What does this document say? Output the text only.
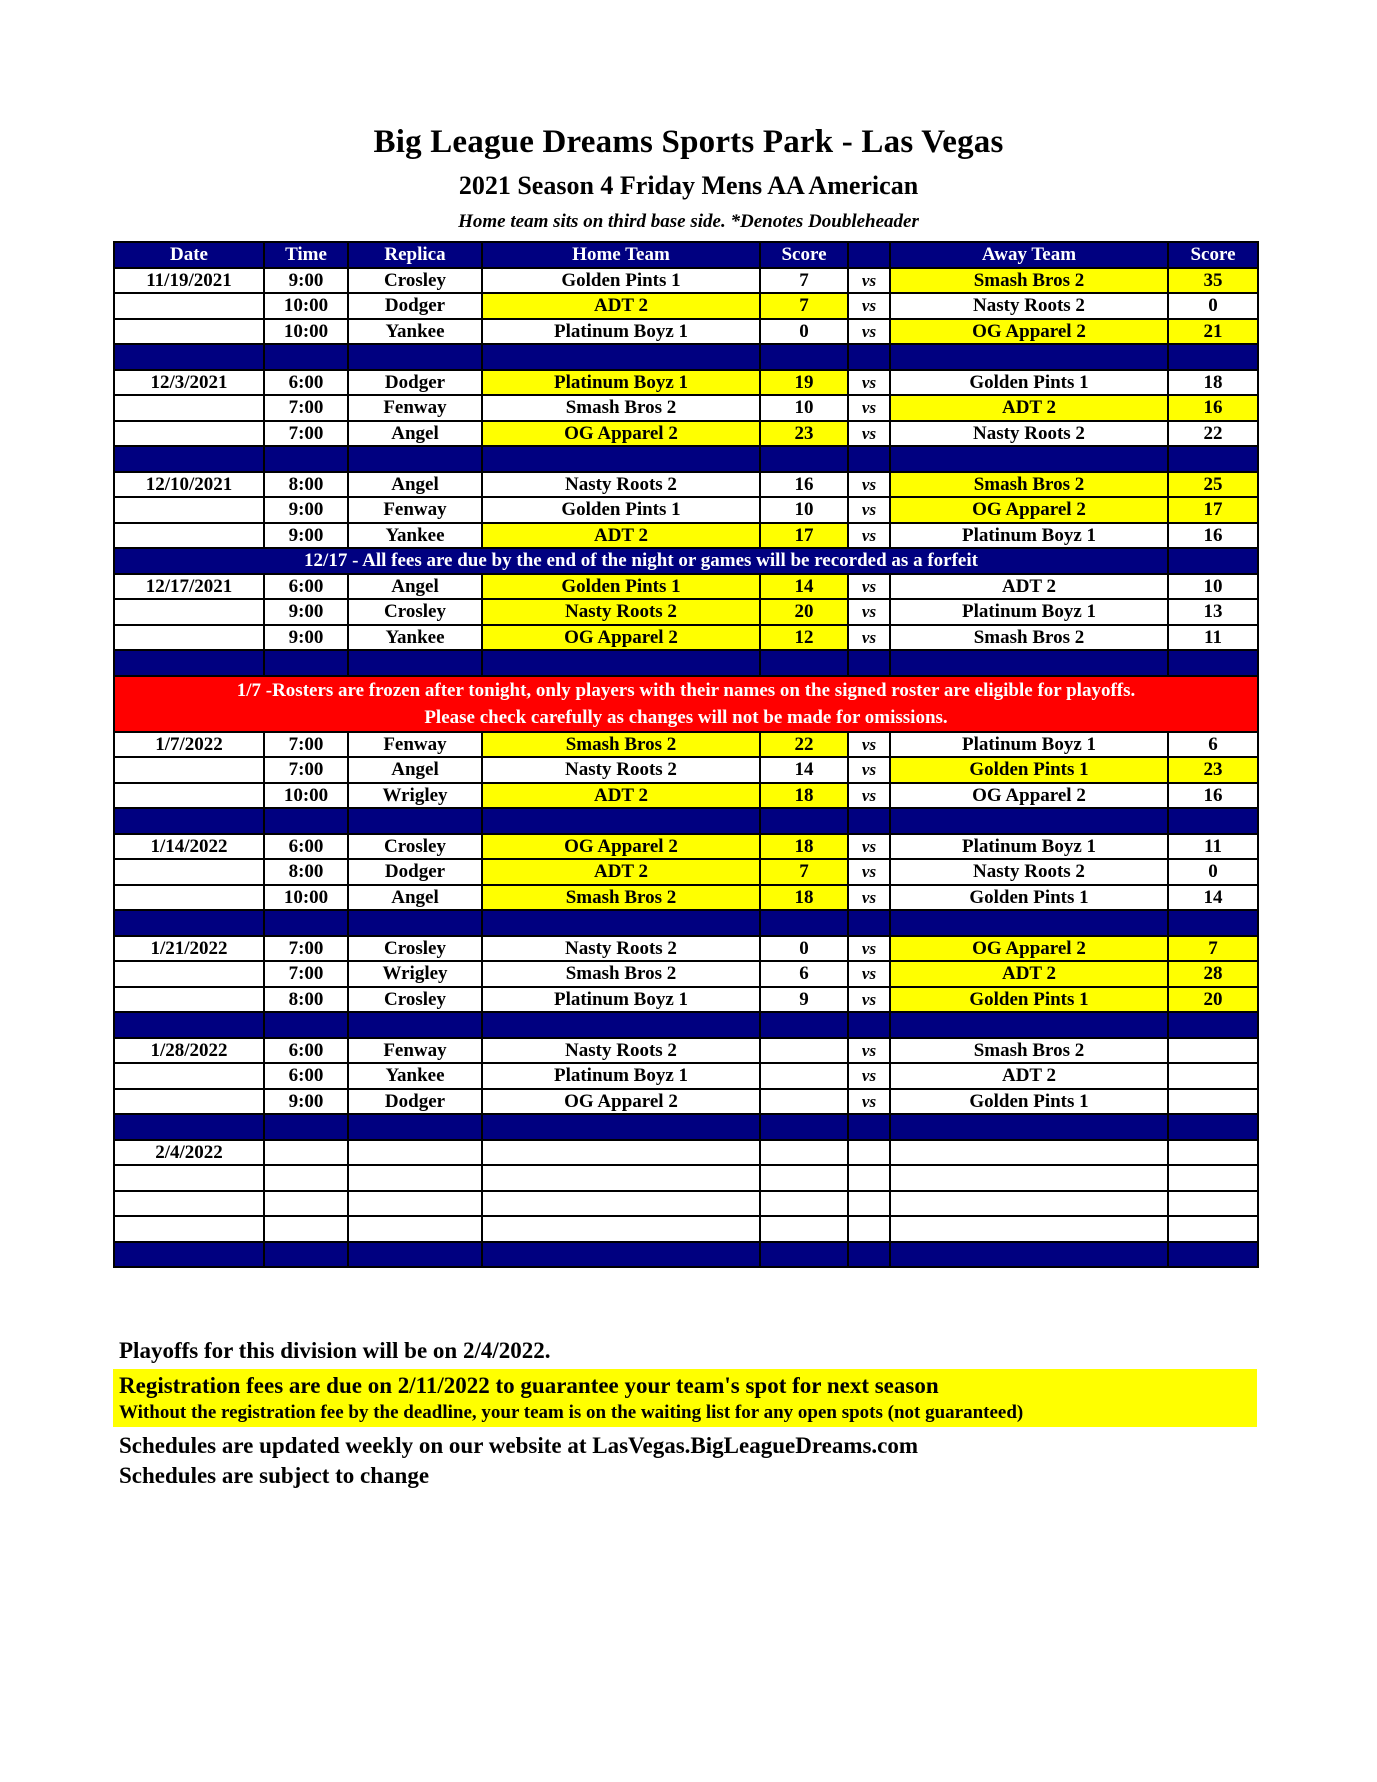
Big League Dreams Sports Park - Las Vegas
2021 Season 4 Friday Mens AA American
Home team sits on third base side. *Denotes Doubleheader
Date	Time	Replica	Home Team	Score		Away Team	Score
11/19/2021	9:00	Crosley	Golden Pints 1	7	vs	Smash Bros 2	35
	10:00	Dodger	ADT 2	7	vs	Nasty Roots 2	0
	10:00	Yankee	Platinum Boyz 1	0	vs	OG Apparel 2	21

12/3/2021	6:00	Dodger	Platinum Boyz 1	19	vs	Golden Pints 1	18
	7:00	Fenway	Smash Bros 2	10	vs	ADT 2	16
	7:00	Angel	OG Apparel 2	23	vs	Nasty Roots 2	22

12/10/2021	8:00	Angel	Nasty Roots 2	16	vs	Smash Bros 2	25
	9:00	Fenway	Golden Pints 1	10	vs	OG Apparel 2	17
	9:00	Yankee	ADT 2	17	vs	Platinum Boyz 1	16
12/17 - All fees are due by the end of the night or games will be recorded as a forfeit							
12/17/2021	6:00	Angel	Golden Pints 1	14	vs	ADT 2	10
	9:00	Crosley	Nasty Roots 2	20	vs	Platinum Boyz 1	13
	9:00	Yankee	OG Apparel 2	12	vs	Smash Bros 2	11

1/7 -Rosters are frozen after tonight, only players with their names on the signed roster are eligible for playoffs.
Please check carefully as changes will not be made for omissions.							

1/7/2022	7:00	Fenway	Smash Bros 2	22	vs	Platinum Boyz 1	6
	7:00	Angel	Nasty Roots 2	14	vs	Golden Pints 1	23
	10:00	Wrigley	ADT 2	18	vs	OG Apparel 2	16

1/14/2022	6:00	Crosley	OG Apparel 2	18	vs	Platinum Boyz 1	11
	8:00	Dodger	ADT 2	7	vs	Nasty Roots 2	0
	10:00	Angel	Smash Bros 2	18	vs	Golden Pints 1	14

1/21/2022	7:00	Crosley	Nasty Roots 2	0	vs	OG Apparel 2	7
	7:00	Wrigley	Smash Bros 2	6	vs	ADT 2	28
	8:00	Crosley	Platinum Boyz 1	9	vs	Golden Pints 1	20

1/28/2022	6:00	Fenway	Nasty Roots 2		vs	Smash Bros 2	
	6:00	Yankee	Platinum Boyz 1		vs	ADT 2	
	9:00	Dodger	OG Apparel 2		vs	Golden Pints 1	

2/4/2022							

Playoffs for this division will be on 2/4/2022.
Registration fees are due on 2/11/2022 to guarantee your team's spot for next season
Without the registration fee by the deadline, your team is on the waiting list for any open spots (not guaranteed)
Schedules are updated weekly on our website at LasVegas.BigLeagueDreams.com
Schedules are subject to change
